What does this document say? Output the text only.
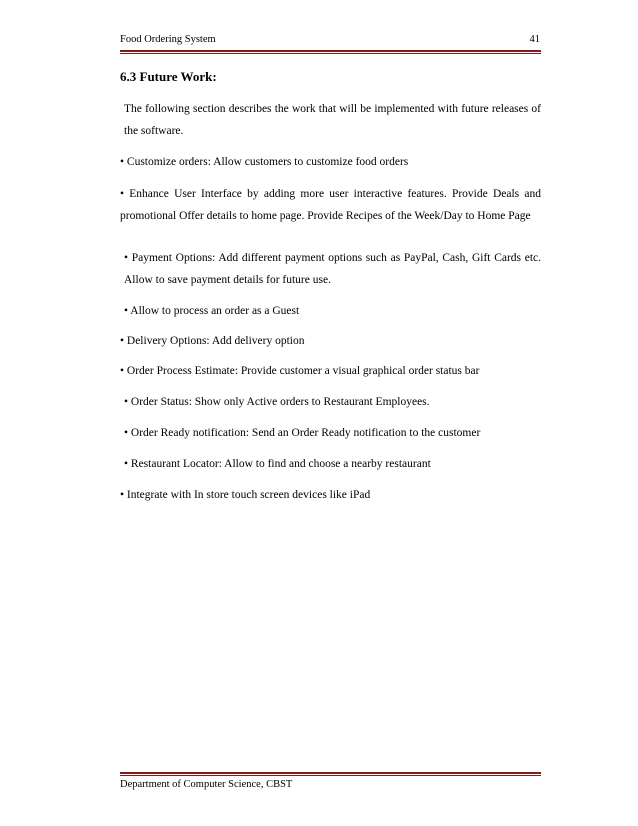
Food Ordering System	41
6.3 Future Work:
The following section describes the work that will be implemented with future releases of the software.
• Customize orders: Allow customers to customize food orders
• Enhance User Interface by adding more user interactive features. Provide Deals and promotional Offer details to home page. Provide Recipes of the Week/Day to Home Page
• Payment Options: Add different payment options such as PayPal, Cash, Gift Cards etc. Allow to save payment details for future use.
• Allow to process an order as a Guest
• Delivery Options: Add delivery option
• Order Process Estimate: Provide customer a visual graphical order status bar
• Order Status: Show only Active orders to Restaurant Employees.
• Order Ready notification: Send an Order Ready notification to the customer
• Restaurant Locator: Allow to find and choose a nearby restaurant
• Integrate with In store touch screen devices like iPad
Department of Computer Science, CBST
